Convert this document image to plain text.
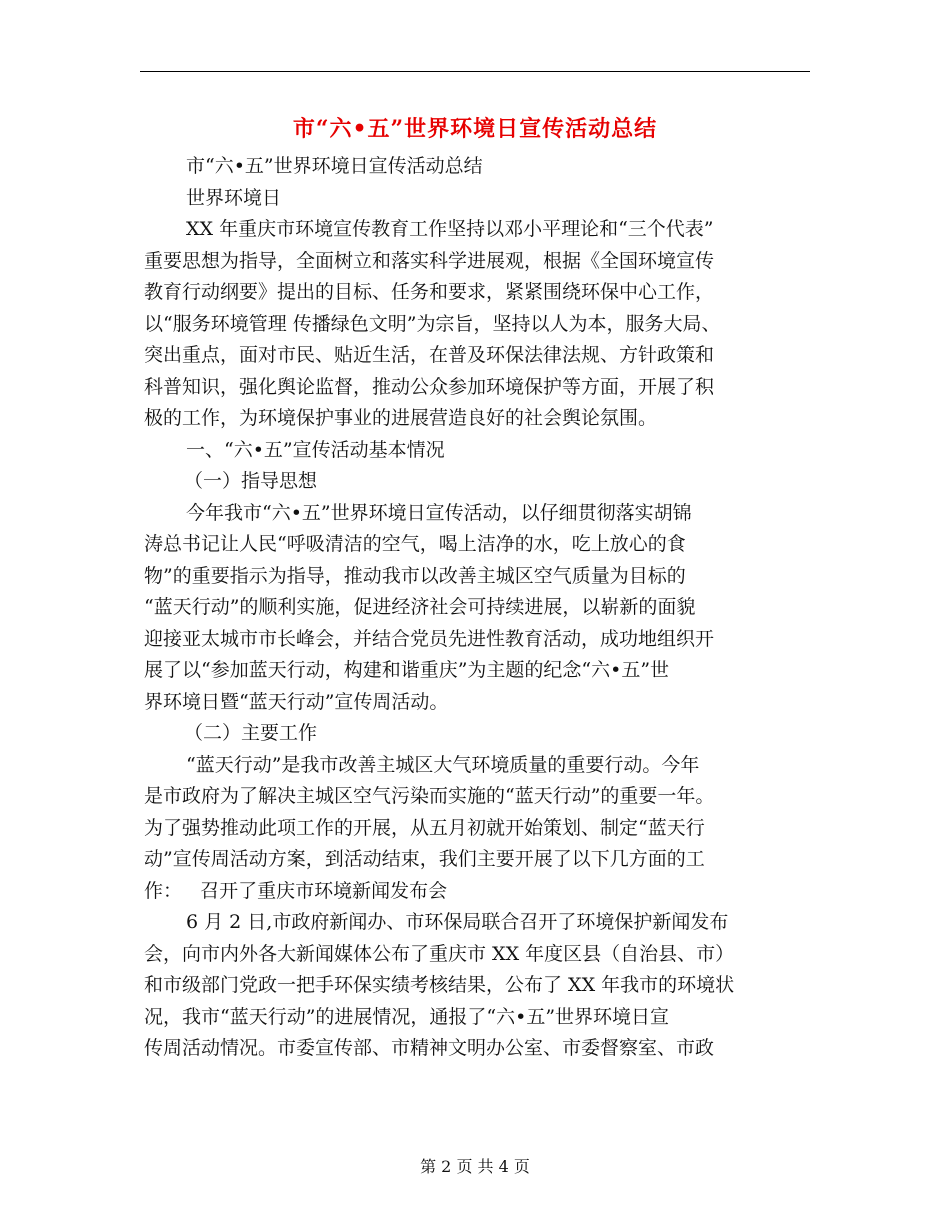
市“六•五”世界环境日宣传活动总结
市“六•五”世界环境日宣传活动总结
世界环境日
XX 年重庆市环境宣传教育工作坚持以邓小平理论和“三个代表”
重要思想为指导，全面树立和落实科学进展观，根据《全国环境宣传
教育行动纲要》提出的目标、任务和要求，紧紧围绕环保中心工作，
以“服务环境管理 传播绿色文明”为宗旨，坚持以人为本，服务大局、
突出重点，面对市民、贴近生活，在普及环保法律法规、方针政策和
科普知识，强化舆论监督，推动公众参加环境保护等方面，开展了积
极的工作，为环境保护事业的进展营造良好的社会舆论氛围。
一、“六•五”宣传活动基本情况
（一）指导思想
今年我市“六•五”世界环境日宣传活动，以仔细贯彻落实胡锦
涛总书记让人民“呼吸清洁的空气，喝上洁净的水，吃上放心的食
物”的重要指示为指导，推动我市以改善主城区空气质量为目标的
“蓝天行动”的顺利实施，促进经济社会可持续进展，以崭新的面貌
迎接亚太城市市长峰会，并结合党员先进性教育活动，成功地组织开
展了以“参加蓝天行动，构建和谐重庆”为主题的纪念“六•五”世
界环境日暨“蓝天行动”宣传周活动。
（二）主要工作
“蓝天行动”是我市改善主城区大气环境质量的重要行动。今年
是市政府为了解决主城区空气污染而实施的“蓝天行动”的重要一年。
为了强势推动此项工作的开展，从五月初就开始策划、制定“蓝天行
动”宣传周活动方案，到活动结束，我们主要开展了以下几方面的工
作：   召开了重庆市环境新闻发布会
6 月 2 日,市政府新闻办、市环保局联合召开了环境保护新闻发布
会，向市内外各大新闻媒体公布了重庆市 XX 年度区县（自治县、市）
和市级部门党政一把手环保实绩考核结果，公布了 XX 年我市的环境状
况，我市“蓝天行动”的进展情况，通报了“六•五”世界环境日宣
传周活动情况。市委宣传部、市精神文明办公室、市委督察室、市政
第 2 页 共 4 页
